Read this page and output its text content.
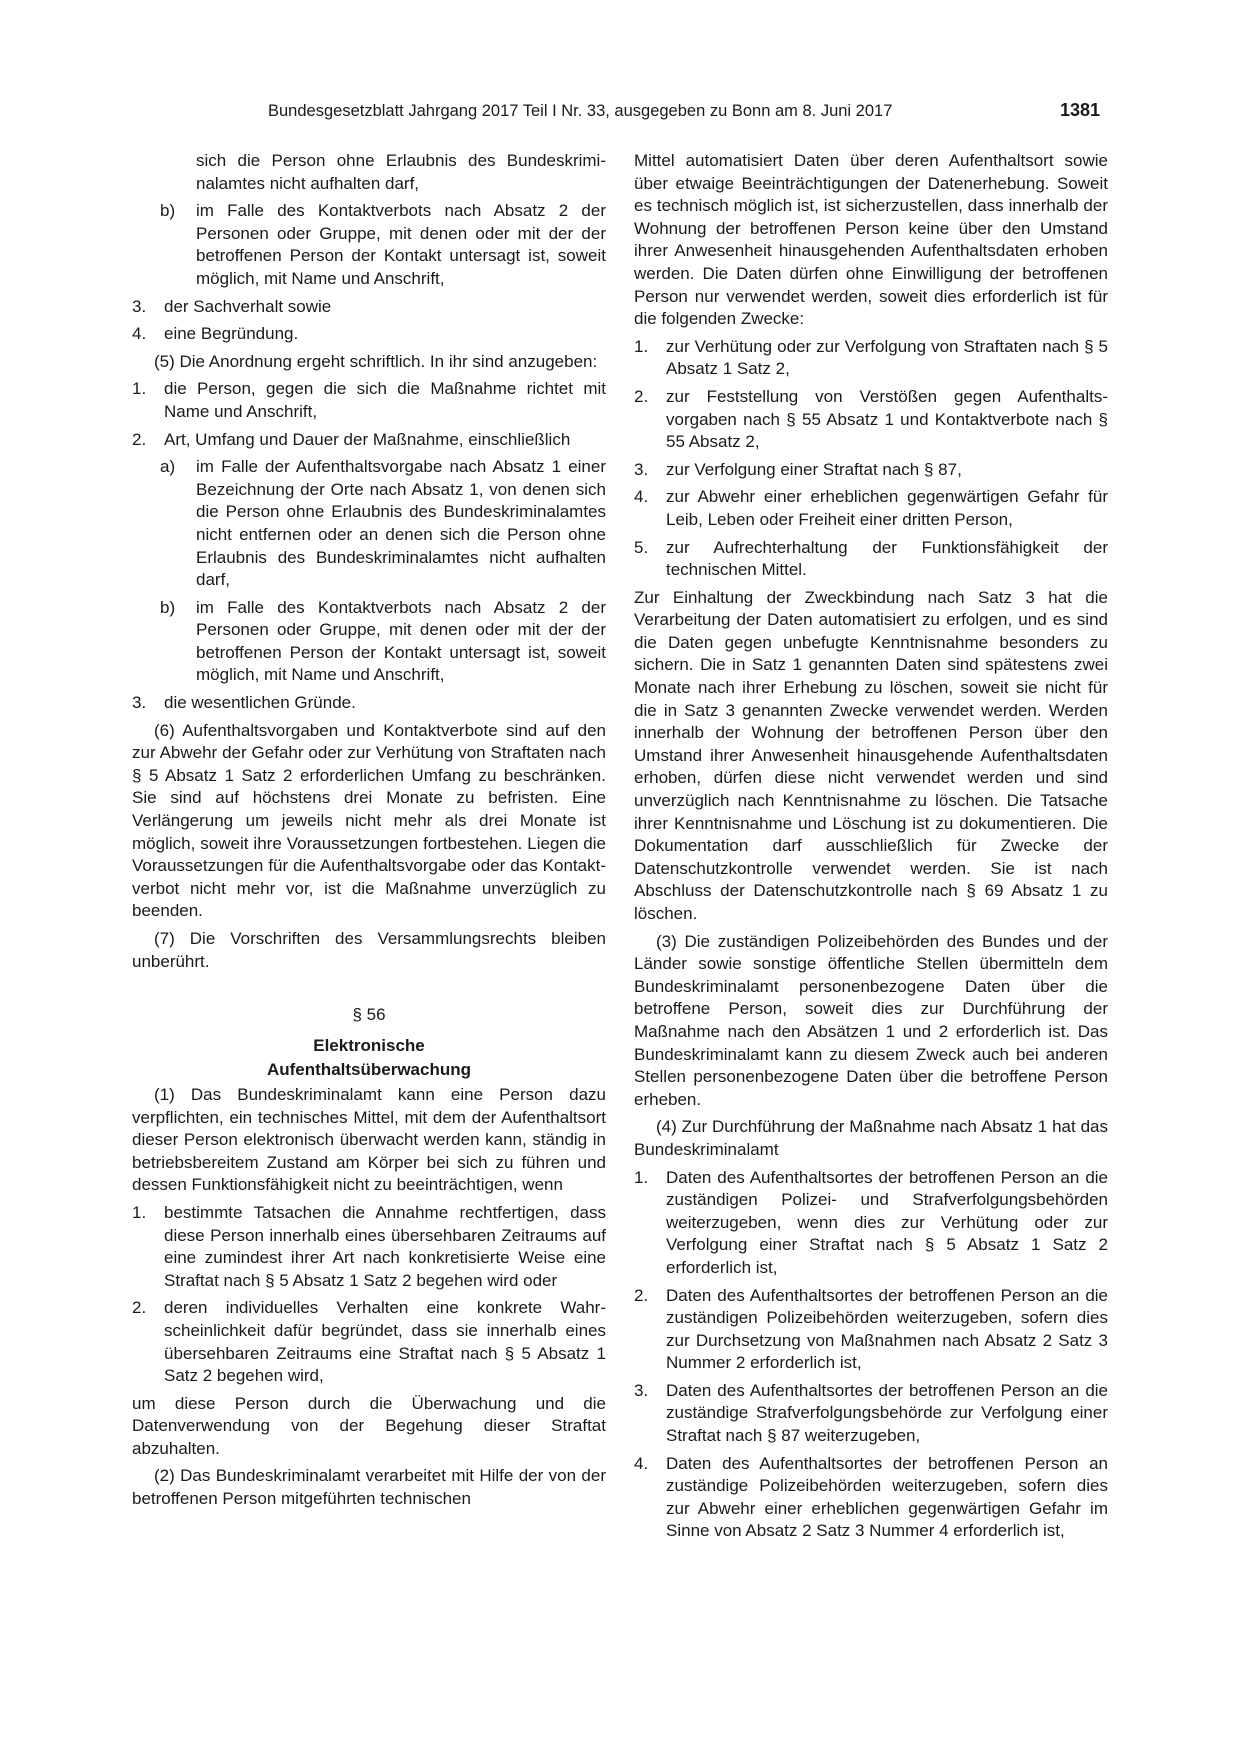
Bundesgesetzblatt Jahrgang 2017 Teil I Nr. 33, ausgegeben zu Bonn am 8. Juni 2017	1381

sich die Person ohne Erlaubnis des Bundeskriminalamtes nicht aufhalten darf,

b) im Falle des Kontaktverbots nach Absatz 2 der Personen oder Gruppe, mit denen oder mit der der betroffenen Person der Kontakt untersagt ist, soweit möglich, mit Name und Anschrift,
3. der Sachverhalt sowie
4. eine Begründung.

(5) Die Anordnung ergeht schriftlich. In ihr sind anzugeben:

1. die Person, gegen die sich die Maßnahme richtet mit Name und Anschrift,
2. Art, Umfang und Dauer der Maßnahme, einschließlich
a) im Falle der Aufenthaltsvorgabe nach Absatz 1 einer Bezeichnung der Orte nach Absatz 1, von denen sich die Person ohne Erlaubnis des Bundeskriminalamtes nicht entfernen oder an denen sich die Person ohne Erlaubnis des Bundeskriminalamtes nicht aufhalten darf,
b) im Falle des Kontaktverbots nach Absatz 2 der Personen oder Gruppe, mit denen oder mit der der betroffenen Person der Kontakt untersagt ist, soweit möglich, mit Name und Anschrift,
3. die wesentlichen Gründe.

(6) Aufenthaltsvorgaben und Kontaktverbote sind auf den zur Abwehr der Gefahr oder zur Verhütung von Straftaten nach § 5 Absatz 1 Satz 2 erforderlichen Umfang zu beschränken. Sie sind auf höchstens drei Monate zu befristen. Eine Verlängerung um jeweils nicht mehr als drei Monate ist möglich, soweit ihre Voraussetzungen fortbestehen. Liegen die Voraussetzungen für die Aufenthaltsvorgabe oder das Kontaktverbot nicht mehr vor, ist die Maßnahme unverzüglich zu beenden.

(7) Die Vorschriften des Versammlungsrechts bleiben unberührt.

§ 56

Elektronische

Aufenthaltsüberwachung

(1) Das Bundeskriminalamt kann eine Person dazu verpflichten, ein technisches Mittel, mit dem der Aufenthaltsort dieser Person elektronisch überwacht werden kann, ständig in betriebsbereitem Zustand am Körper bei sich zu führen und dessen Funktionsfähigkeit nicht zu beeinträchtigen, wenn

1. bestimmte Tatsachen die Annahme rechtfertigen, dass diese Person innerhalb eines übersehbaren Zeitraums auf eine zumindest ihrer Art nach konkretisierte Weise eine Straftat nach § 5 Absatz 1 Satz 2 begehen wird oder
2. deren individuelles Verhalten eine konkrete Wahrscheinlichkeit dafür begründet, dass sie innerhalb eines übersehbaren Zeitraums eine Straftat nach § 5 Absatz 1 Satz 2 begehen wird,

um diese Person durch die Überwachung und die Datenverwendung von der Begehung dieser Straftat abzuhalten.

(2) Das Bundeskriminalamt verarbeitet mit Hilfe der von der betroffenen Person mitgeführten technischen

Mittel automatisiert Daten über deren Aufenthaltsort sowie über etwaige Beeinträchtigungen der Datenerhebung. Soweit es technisch möglich ist, ist sicherzustellen, dass innerhalb der Wohnung der betroffenen Person keine über den Umstand ihrer Anwesenheit hinausgehenden Aufenthaltsdaten erhoben werden. Die Daten dürfen ohne Einwilligung der betroffenen Person nur verwendet werden, soweit dies erforderlich ist für die folgenden Zwecke:

1. zur Verhütung oder zur Verfolgung von Straftaten nach § 5 Absatz 1 Satz 2,
2. zur Feststellung von Verstößen gegen Aufenthaltsvorgaben nach § 55 Absatz 1 und Kontaktverbote nach § 55 Absatz 2,
3. zur Verfolgung einer Straftat nach § 87,
4. zur Abwehr einer erheblichen gegenwärtigen Gefahr für Leib, Leben oder Freiheit einer dritten Person,
5. zur Aufrechterhaltung der Funktionsfähigkeit der technischen Mittel.

Zur Einhaltung der Zweckbindung nach Satz 3 hat die Verarbeitung der Daten automatisiert zu erfolgen, und es sind die Daten gegen unbefugte Kenntnisnahme besonders zu sichern. Die in Satz 1 genannten Daten sind spätestens zwei Monate nach ihrer Erhebung zu löschen, soweit sie nicht für die in Satz 3 genannten Zwecke verwendet werden. Werden innerhalb der Wohnung der betroffenen Person über den Umstand ihrer Anwesenheit hinausgehende Aufenthaltsdaten erhoben, dürfen diese nicht verwendet werden und sind unverzüglich nach Kenntnisnahme zu löschen. Die Tatsache ihrer Kenntnisnahme und Löschung ist zu dokumentieren. Die Dokumentation darf ausschließlich für Zwecke der Datenschutzkontrolle verwendet werden. Sie ist nach Abschluss der Datenschutzkontrolle nach § 69 Absatz 1 zu löschen.

(3) Die zuständigen Polizeibehörden des Bundes und der Länder sowie sonstige öffentliche Stellen übermitteln dem Bundeskriminalamt personenbezogene Daten über die betroffene Person, soweit dies zur Durchführung der Maßnahme nach den Absätzen 1 und 2 erforderlich ist. Das Bundeskriminalamt kann zu diesem Zweck auch bei anderen Stellen personenbezogene Daten über die betroffene Person erheben.

(4) Zur Durchführung der Maßnahme nach Absatz 1 hat das Bundeskriminalamt

1. Daten des Aufenthaltsortes der betroffenen Person an die zuständigen Polizei- und Strafverfolgungsbehörden weiterzugeben, wenn dies zur Verhütung oder zur Verfolgung einer Straftat nach § 5 Absatz 1 Satz 2 erforderlich ist,
2. Daten des Aufenthaltsortes der betroffenen Person an die zuständigen Polizeibehörden weiterzugeben, sofern dies zur Durchsetzung von Maßnahmen nach Absatz 2 Satz 3 Nummer 2 erforderlich ist,
3. Daten des Aufenthaltsortes der betroffenen Person an die zuständige Strafverfolgungsbehörde zur Verfolgung einer Straftat nach § 87 weiterzugeben,
4. Daten des Aufenthaltsortes der betroffenen Person an zuständige Polizeibehörden weiterzugeben, sofern dies zur Abwehr einer erheblichen gegenwärtigen Gefahr im Sinne von Absatz 2 Satz 3 Nummer 4 erforderlich ist,
